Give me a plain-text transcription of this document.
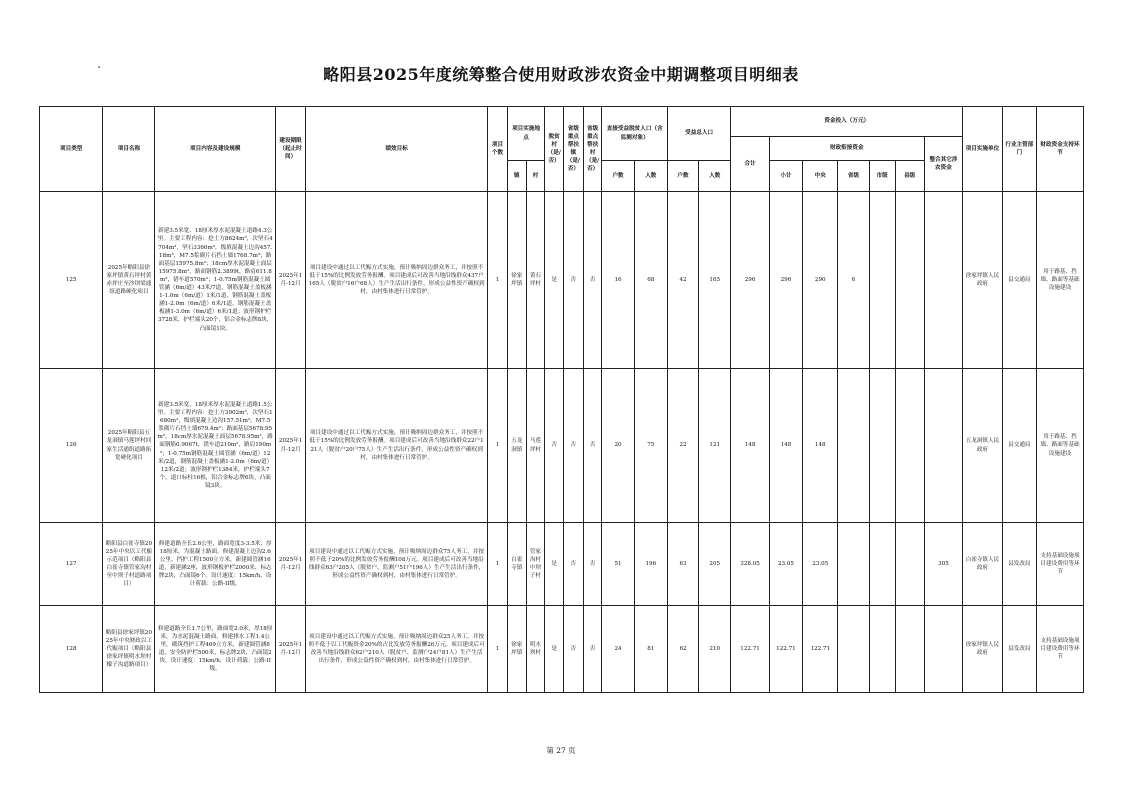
略阳县2025年度统筹整合使用财政涉农资金中期调整项目明细表
项目类型	项目名称	项目内容及建设规模	建设期限（起止时间）	绩效目标	项目个数	项目实施地点		脱贫村（是/否）	省级重点帮扶镇（是/否）	省级重点帮扶村（是/否）	直接受益脱贫人口（含监测对象）		受益总人口		资金投入（万元）							项目实施单位	行业主管部门	财政资金支持环节
															合计	财政衔接资金					整合其它涉农资金			
						镇	村				户数	人数	户数	人数		小计	中央	省级	市级	县级				
125	2025年略阳县徐家坪镇黄石坪村黄赤坪庄至沙坝梁通组道路硬化项目	新建3.5米宽、18厘米厚水泥混凝土道路4.3公里。主要工程内容：挖土方8624m³，次坚石4704m³，坚石3360m³，级填混凝土边沟457.18m³，M7.5浆砌片石挡土墙1768.7m³；路面基层15975.8m²；18cm厚水泥混凝土面层15975.8m²，路面钢筋2.3899t，路肩611.8m³，错车道570m²；1-0.75m钢筋混凝土圆管涵（6m/道）43米/7道，钢筋混凝土盖板涵1-1.0m（6m/道）1米/1道，钢筋混凝土盖板涵1-2.0m（6m/道）6米/1道，钢筋混凝土盖板涵1-3.0m（6m/道）6米/1道；波形钢护栏3728米，护栏端头20个，铝合金标志牌8块，凸面镜1块。	2025年1月-12月	项目建设中通过以工代赈方式实施，预计吸纳周边群众务工，并按照不低于15%的比例发放劳务报酬。项目建成后可改善当地沿线群众437户165人（脱贫户16户68人）生产生活出行条件，形成公益性资产确权到村，由村集体进行日常管护。	1	徐家坪镇	黄石坪村	是	否	否	16	68	42	165	296	296	290	6				徐家坪镇人民政府	县交通局	用于路基、挡墙、路面等基础设施建设
126	2025年略阳县五龙洞镇马莲坪村回家生活通组道路拓宽硬化项目	新建3.5米宽、18厘米厚水泥混凝土道路1.5公里。主要工程内容：挖土方3902m³，次坚石1680m³，级填混凝土边沟157.51m³，M7.5浆砌片石挡土墙679.4m³；路面基层5678.95m²，18cm厚水泥混凝土面层5678.95m²，路面钢筋0.9067t，错车道210m²，路肩190m²；1-0.75m钢筋混凝土圆管涵（6m/道）12米/2道，钢筋混凝土盖板涵1-2.0m（6m/道）12米/2道；波形钢护栏1384米，护栏端头7个，道口标柱16根，铝合金标志牌6块，凸面镜3块。	2025年1月-12月	项目建设中通过以工代赈方式实施，预计吸纳周边群众务工，并按照不低于15%的比例发放劳务报酬。项目建成后可改善当地沿线群众22户121人（脱贫户20户75人）生产生活出行条件，形成公益性资产确权到村，由村集体进行日常管护。	1	五龙洞镇	马莲坪村	否	否	否	20	75	22	121	148	148	148					五龙洞镇人民政府	县交通局	用于路基、挡墙、路面等基础设施建设
127	略阳县白雀寺镇2025年中央以工代赈示范项目（略阳县白雀寺镇管家沟村至中坝子村道路项目）	修建道路全长2.6公里，路面宽度3-3.5米，厚18厘米，为混凝土路面。修建混凝土边沟2.6公里，挡护工程1500立方米，新建圆管涵16道，新建涵2座，波形钢板护栏2000米，标志牌2块，凸面镜6个。设计速度：15km/h，设计荷载：公路-II级。	2025年1月-12月	项目建设中通过以工代赈方式实施，预计吸纳周边群众75人务工，并按照不低于20%的比例发放劳务报酬108万元。项目建成后可改善当地沿线群众63户205人（脱贫户、监测户51户196人）生产生活出行条件，形成公益性资产确权到村，由村集体进行日常管护。	1	白雀寺镇	管家沟村中坝子村	是	否	否	51	196	63	205	328.05	23.05	23.05				305	白雀寺镇人民政府	县发改局	支持基础设施项目建设费用等环节
128	略阳县徐家坪镇2025年中央财政以工代赈项目（略阳县徐家坪镇明水坝村檬子沟道路项目）	修建道路全长1.7公里，路面宽2.0米，厚18厘米，为水泥混凝土路面，修建排水工程1.4公里，砌筑挡护工程469立方米，新建圆管涵8道，安全防护栏500米，标志牌2块，凸面镜2块，设计速度：15km/h，设计荷载：公路-II级。	2025年1月-12月	项目建设中通过以工代赈方式实施，预计吸纳周边群众25人务工，并按照不低于以工代赈资金20%的占比发放劳务报酬26万元。项目建成后可改善当地沿线群众62户210人（脱贫户、监测户24户81人）生产生活出行条件，形成公益性资产确权到村，由村集体进行日常管护。	1	徐家坪镇	明水坝村	是	否	否	24	81	62	210	122.71	122.71	122.71					徐家坪镇人民政府	县发改局	支持基础设施项目建设费用等环节
第 27 页
